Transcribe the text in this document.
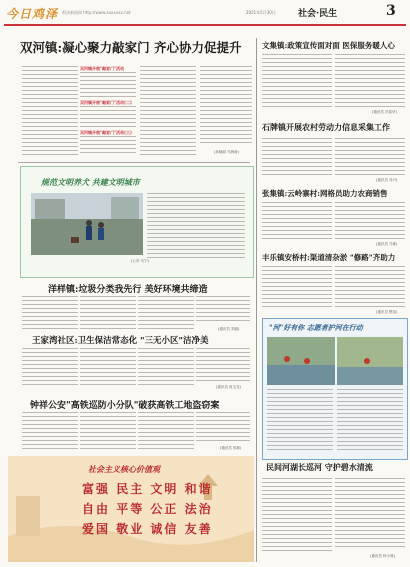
今日鸡泽 鸡泽新闻网 http://www.xxxxxxx.net	2021年5月30日 社会·民生	3
双河镇:凝心聚力敲家门 齐心协力促提升
双河镇开展"敲家门"活动
双河镇开展"敲家门"活动(二)
双河镇开展"敲家门"活动(三)
(孙晓丽 马海涛)
规范文明养犬 共建文明城市
(公安 马宁)
洋样镇:垃圾分类我先行 美好环境共缔造
(通讯员 刘丽)
王家湾社区:卫生保洁常态化 "三无小区"洁净美
(通讯员 蒋玉龙)
钟祥公安"高铁巡防小分队"破获高铁工地盗窃案
(通讯员 郭林)
社会主义核心价值观
富强 民主 文明 和谐
自由 平等 公正 法治
爱国 敬业 诚信 友善
文集镇:政策宣传面对面 医保服务暖人心
(通讯员 冯春华)
石牌镇开展农村劳动力信息采集工作
(通讯员 邓兴)
张集镇:云岭寨村:网格员助力农商销售
(通讯员 马林)
丰乐镇安桥村:渠道清杂淤 "修路"齐助力
(通讯员 樊苗)
"河"好有你 志愿者护河在行动
民间河湖长巡河 守护碧水清流
(通讯员 钟小燕)
